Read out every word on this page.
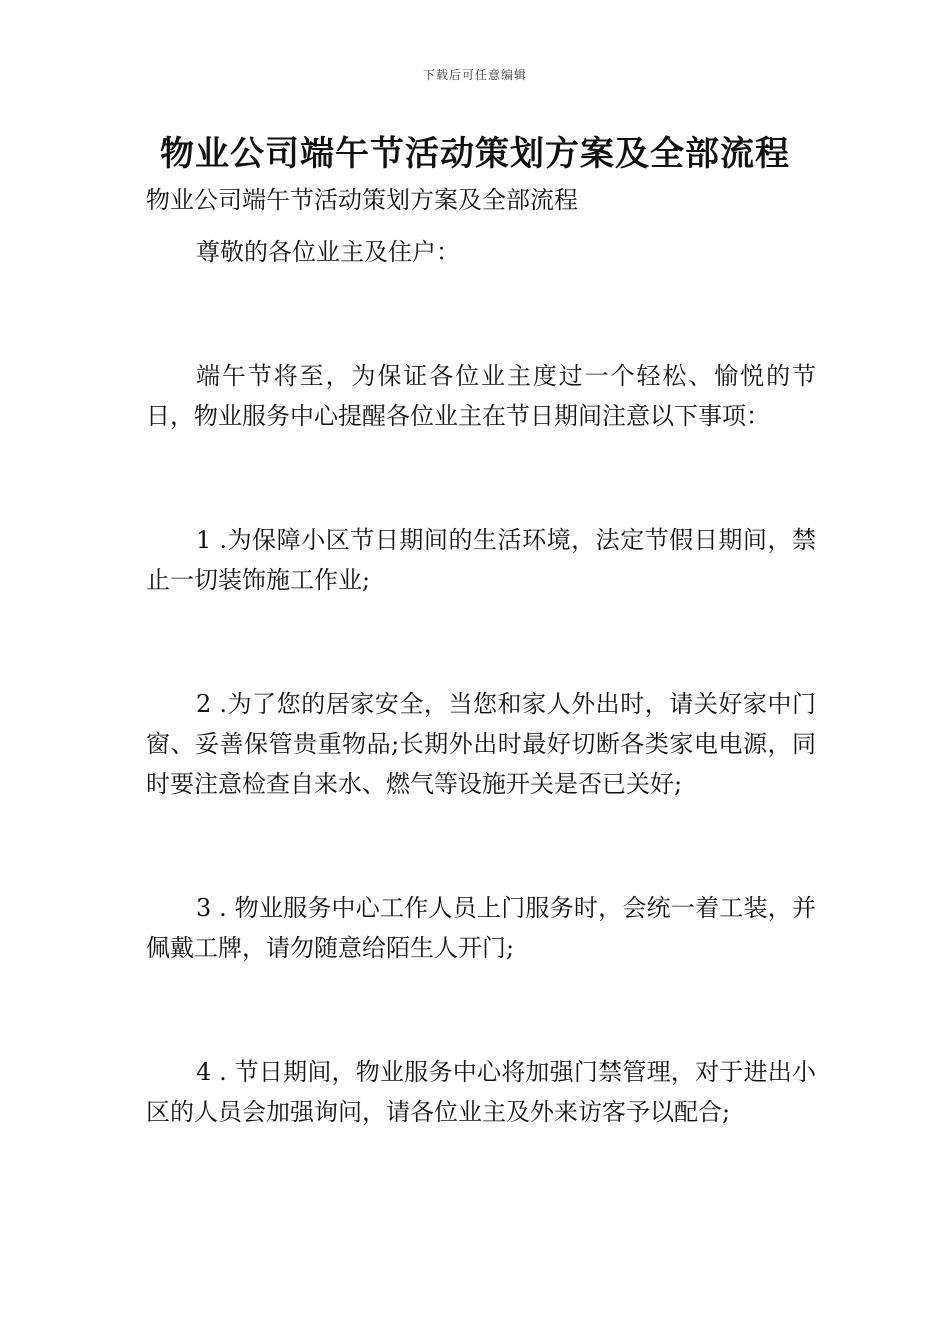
下载后可任意编辑
物业公司端午节活动策划方案及全部流程

物业公司端午节活动策划方案及全部流程

尊敬的各位业主及住户：

端午节将至，为保证各位业主度过一个轻松、愉悦的节日，物业服务中心提醒各位业主在节日期间注意以下事项：

1 .为保障小区节日期间的生活环境，法定节假日期间，禁止一切装饰施工作业;

2 .为了您的居家安全，当您和家人外出时，请关好家中门窗、妥善保管贵重物品;长期外出时最好切断各类家电电源，同时要注意检查自来水、燃气等设施开关是否已关好;

3 . 物业服务中心工作人员上门服务时，会统一着工装，并佩戴工牌，请勿随意给陌生人开门;

4 . 节日期间，物业服务中心将加强门禁管理，对于进出小区的人员会加强询问，请各位业主及外来访客予以配合;
